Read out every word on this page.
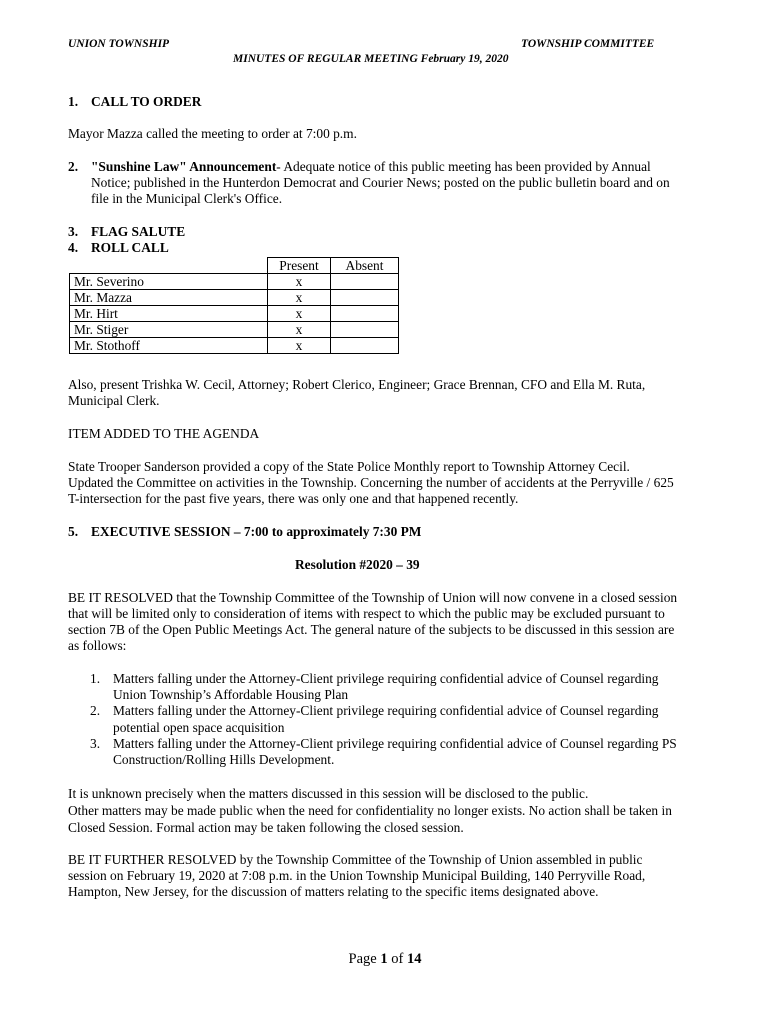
UNION TOWNSHIP	TOWNSHIP COMMITTEE
MINUTES OF REGULAR MEETING February 19, 2020
1. CALL TO ORDER
Mayor Mazza called the meeting to order at 7:00 p.m.
2. "Sunshine Law" Announcement- Adequate notice of this public meeting has been provided by Annual
Notice; published in the Hunterdon Democrat and Courier News; posted on the public bulletin board and on
file in the Municipal Clerk's Office.
3. FLAG SALUTE
4. ROLL CALL
	Present	Absent
Mr. Severino	x	
Mr. Mazza	x	
Mr. Hirt	x	
Mr. Stiger	x	
Mr. Stothoff	x	
Also, present Trishka W. Cecil, Attorney; Robert Clerico, Engineer; Grace Brennan, CFO and Ella M. Ruta,
Municipal Clerk.
ITEM ADDED TO THE AGENDA
State Trooper Sanderson provided a copy of the State Police Monthly report to Township Attorney Cecil.
Updated the Committee on activities in the Township. Concerning the number of accidents at the Perryville / 625
T-intersection for the past five years, there was only one and that happened recently.
5. EXECUTIVE SESSION – 7:00 to approximately 7:30 PM
Resolution #2020 – 39
BE IT RESOLVED that the Township Committee of the Township of Union will now convene in a closed session
that will be limited only to consideration of items with respect to which the public may be excluded pursuant to
section 7B of the Open Public Meetings Act. The general nature of the subjects to be discussed in this session are
as follows:
1. Matters falling under the Attorney-Client privilege requiring confidential advice of Counsel regarding
Union Township’s Affordable Housing Plan
2. Matters falling under the Attorney-Client privilege requiring confidential advice of Counsel regarding
potential open space acquisition
3. Matters falling under the Attorney-Client privilege requiring confidential advice of Counsel regarding PS
Construction/Rolling Hills Development.
It is unknown precisely when the matters discussed in this session will be disclosed to the public.
Other matters may be made public when the need for confidentiality no longer exists. No action shall be taken in
Closed Session. Formal action may be taken following the closed session.
BE IT FURTHER RESOLVED by the Township Committee of the Township of Union assembled in public
session on February 19, 2020 at 7:08 p.m. in the Union Township Municipal Building, 140 Perryville Road,
Hampton, New Jersey, for the discussion of matters relating to the specific items designated above.
Page 1 of 14
